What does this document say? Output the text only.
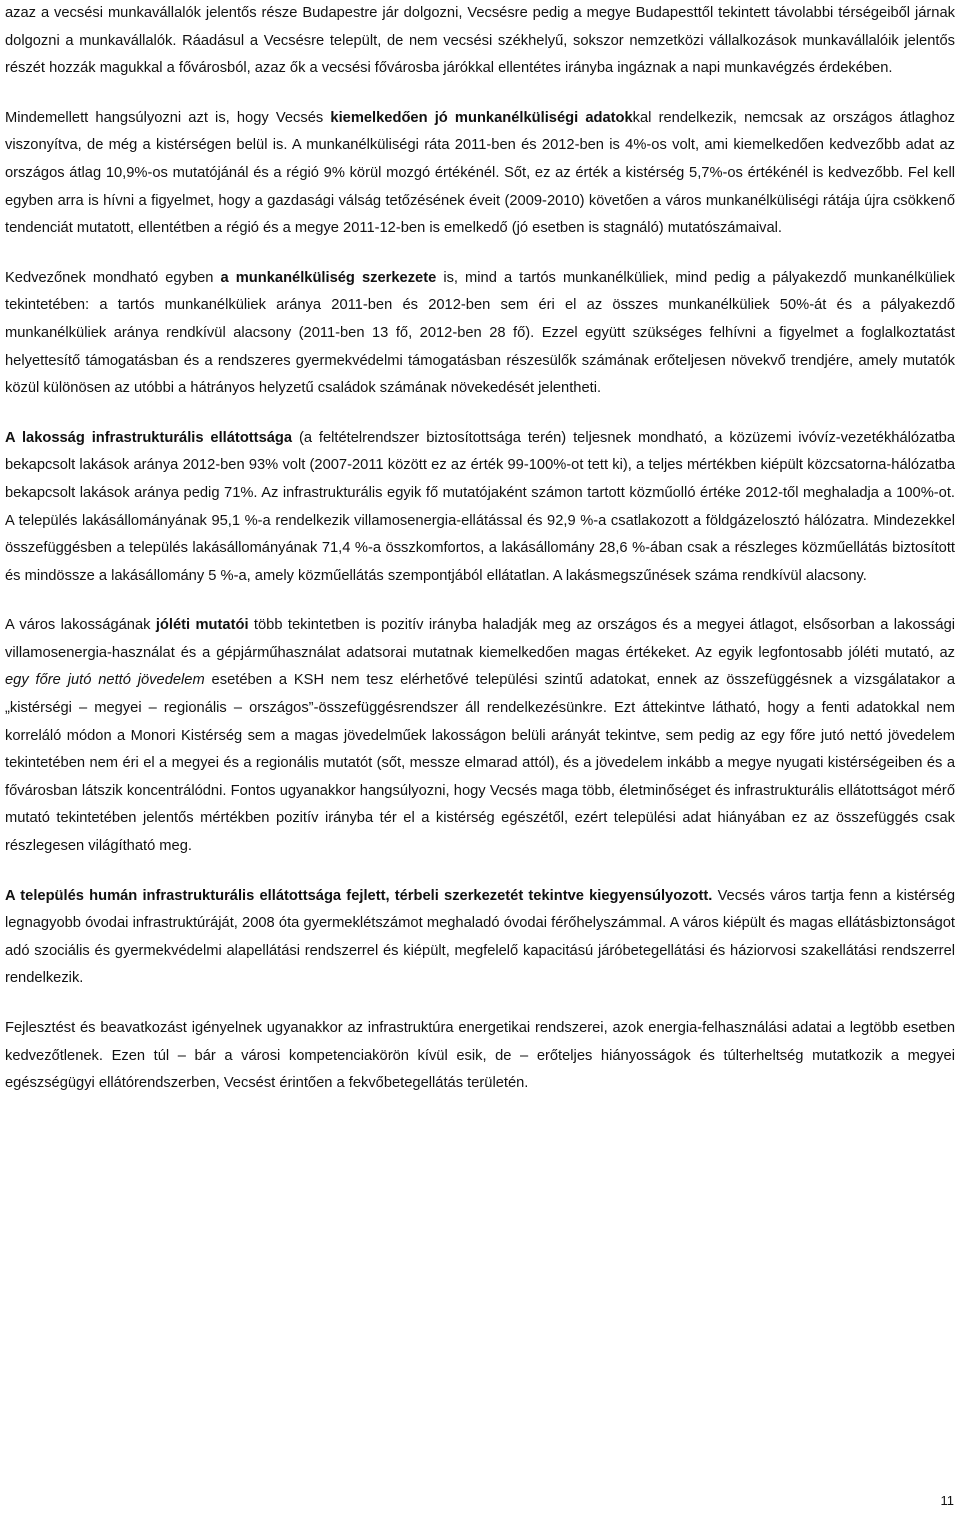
azaz a vecsési munkavállalók jelentős része Budapestre jár dolgozni, Vecsésre pedig a megye Budapesttől tekintett távolabbi térségeiből járnak dolgozni a munkavállalók. Ráadásul a Vecsésre települt, de nem vecsési székhelyű, sokszor nemzetközi vállalkozások munkavállalóik jelentős részét hozzák magukkal a fővárosból, azaz ők a vecsési fővárosba járókkal ellentétes irányba ingáznak a napi munkavégzés érdekében.

Mindemellett hangsúlyozni azt is, hogy Vecsés kiemelkedően jó munkanélküliségi adatokkal rendelkezik, nemcsak az országos átlaghoz viszonyítva, de még a kistérségen belül is. A munkanélküliségi ráta 2011-ben és 2012-ben is 4%-os volt, ami kiemelkedően kedvezőbb adat az országos átlag 10,9%-os mutatójánál és a régió 9% körül mozgó értékénél. Sőt, ez az érték a kistérség 5,7%-os értékénél is kedvezőbb. Fel kell egyben arra is hívni a figyelmet, hogy a gazdasági válság tetőzésének éveit (2009-2010) követően a város munkanélküliségi rátája újra csökkenő tendenciát mutatott, ellentétben a régió és a megye 2011-12-ben is emelkedő (jó esetben is stagnáló) mutatószámaival.

Kedvezőnek mondható egyben a munkanélküliség szerkezete is, mind a tartós munkanélküliek, mind pedig a pályakezdő munkanélküliek tekintetében: a tartós munkanélküliek aránya 2011-ben és 2012-ben sem éri el az összes munkanélküliek 50%-át és a pályakezdő munkanélküliek aránya rendkívül alacsony (2011-ben 13 fő, 2012-ben 28 fő). Ezzel együtt szükséges felhívni a figyelmet a foglalkoztatást helyettesítő támogatásban és a rendszeres gyermekvédelmi támogatásban részesülők számának erőteljesen növekvő trendjére, amely mutatók közül különösen az utóbbi a hátrányos helyzetű családok számának növekedését jelentheti.

A lakosság infrastrukturális ellátottsága (a feltételrendszer biztosítottsága terén) teljesnek mondható, a közüzemi ivóvíz-vezetékhálózatba bekapcsolt lakások aránya 2012-ben 93% volt (2007-2011 között ez az érték 99-100%-ot tett ki), a teljes mértékben kiépült közcsatorna-hálózatba bekapcsolt lakások aránya pedig 71%. Az infrastrukturális egyik fő mutatójaként számon tartott közműolló értéke 2012-től meghaladja a 100%-ot. A település lakásállományának 95,1 %-a rendelkezik villamosenergia-ellátással és 92,9 %-a csatlakozott a földgázelosztó hálózatra. Mindezekkel összefüggésben a település lakásállományának 71,4 %-a összkomfortos, a lakásállomány 28,6 %-ában csak a részleges közműellátás biztosított és mindössze a lakásállomány 5 %-a, amely közműellátás szempontjából ellátatlan. A lakásmegszűnések száma rendkívül alacsony.

A város lakosságának jóléti mutatói több tekintetben is pozitív irányba haladják meg az országos és a megyei átlagot, elsősorban a lakossági villamosenergia-használat és a gépjárműhasználat adatsorai mutatnak kiemelkedően magas értékeket. Az egyik legfontosabb jóléti mutató, az egy főre jutó nettó jövedelem esetében a KSH nem tesz elérhetővé települési szintű adatokat, ennek az összefüggésnek a vizsgálatakor a „kistérségi – megyei – regionális – országos”-összefüggésrendszer áll rendelkezésünkre. Ezt áttekintve látható, hogy a fenti adatokkal nem korreláló módon a Monori Kistérség sem a magas jövedelműek lakosságon belüli arányát tekintve, sem pedig az egy főre jutó nettó jövedelem tekintetében nem éri el a megyei és a regionális mutatót (sőt, messze elmarad attól), és a jövedelem inkább a megye nyugati kistérségeiben és a fővárosban látszik koncentrálódni. Fontos ugyanakkor hangsúlyozni, hogy Vecsés maga több, életminőséget és infrastrukturális ellátottságot mérő mutató tekintetében jelentős mértékben pozitív irányba tér el a kistérség egészétől, ezért települési adat hiányában ez az összefüggés csak részlegesen világítható meg.

A település humán infrastrukturális ellátottsága fejlett, térbeli szerkezetét tekintve kiegyensúlyozott. Vecsés város tartja fenn a kistérség legnagyobb óvodai infrastruktúráját, 2008 óta gyermeklétszámot meghaladó óvodai férőhelyszámmal. A város kiépült és magas ellátásbiztonságot adó szociális és gyermekvédelmi alapellátási rendszerrel és kiépült, megfelelő kapacitású járóbetegellátási és háziorvosi szakellátási rendszerrel rendelkezik.

Fejlesztést és beavatkozást igényelnek ugyanakkor az infrastruktúra energetikai rendszerei, azok energia-felhasználási adatai a legtöbb esetben kedvezőtlenek. Ezen túl – bár a városi kompetenciakörön kívül esik, de – erőteljes hiányosságok és túlterheltség mutatkozik a megyei egészségügyi ellátórendszerben, Vecsést érintően a fekvőbetegellátás területén.

11
